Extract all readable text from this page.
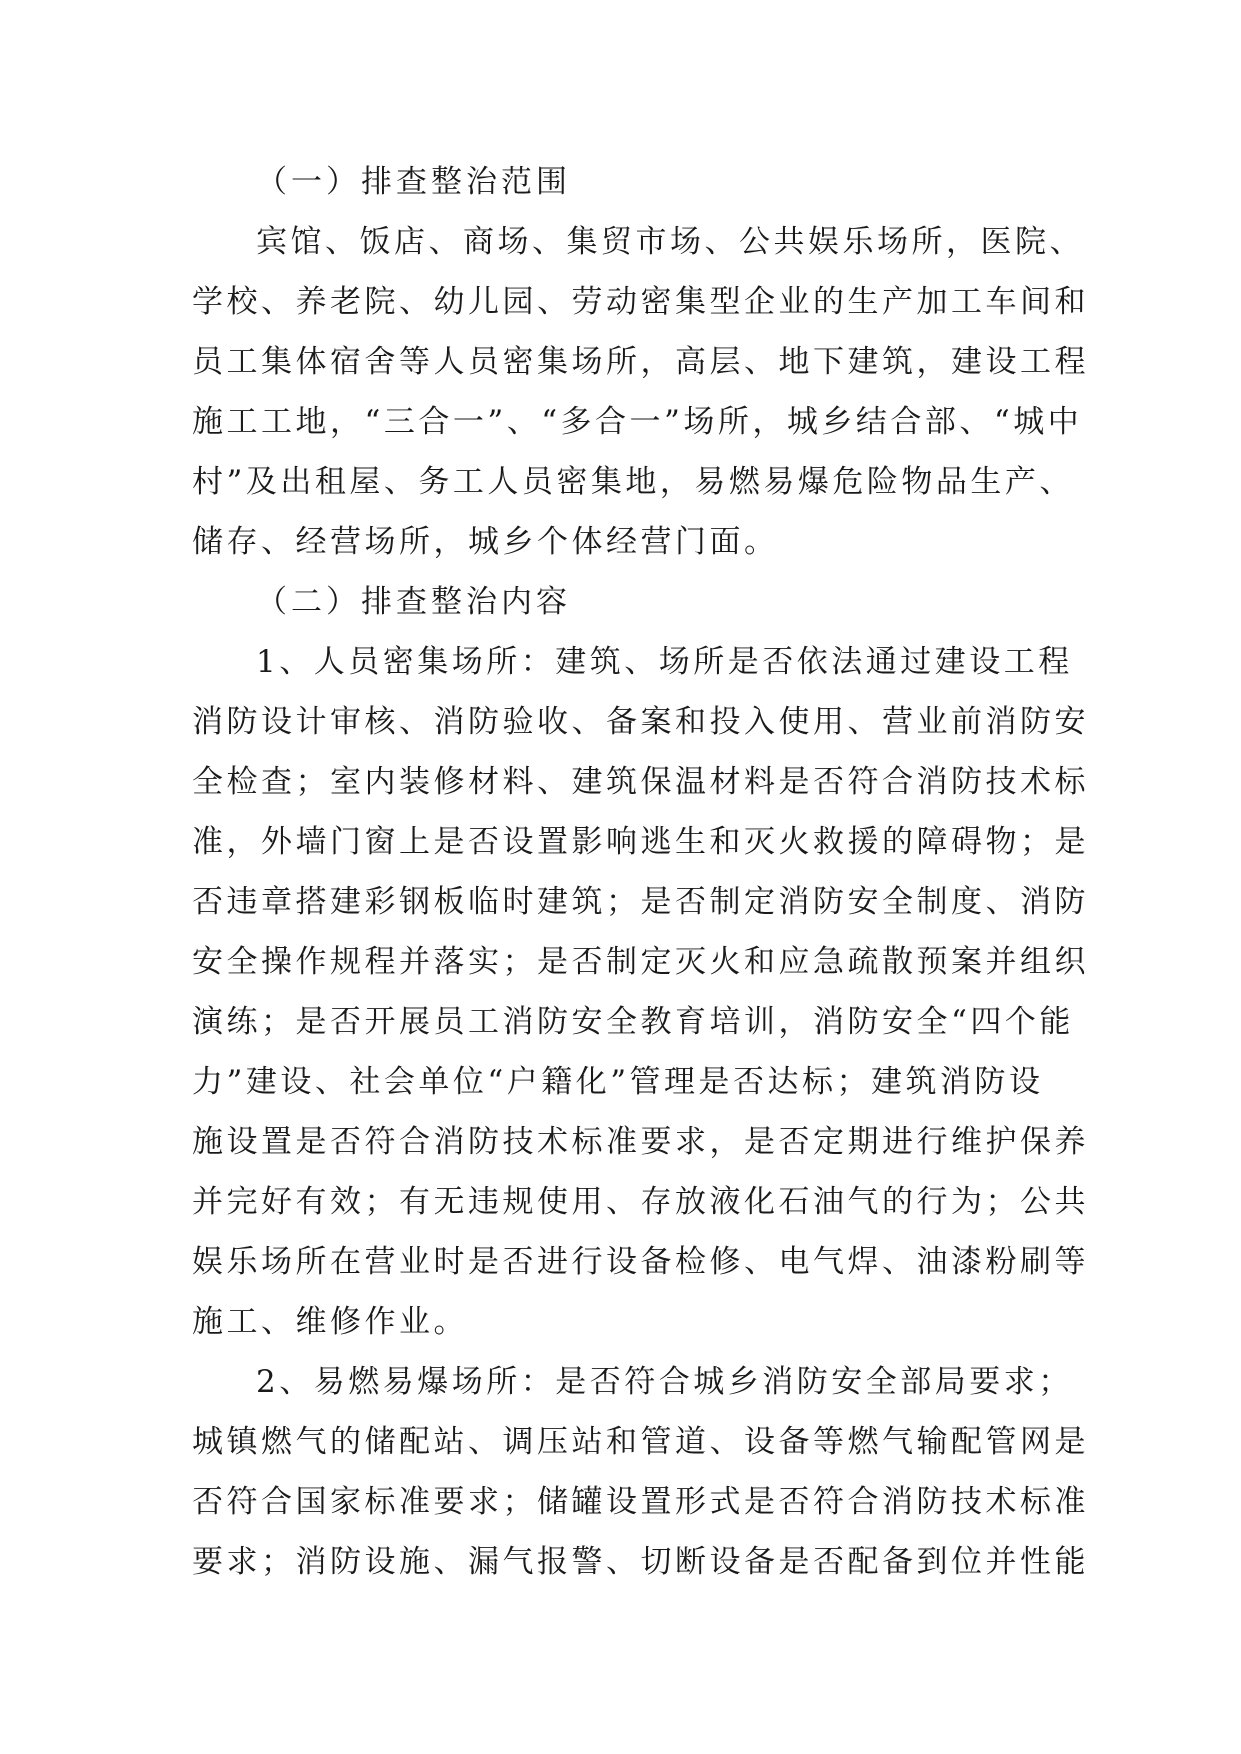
（一）排查整治范围
宾馆、饭店、商场、集贸市场、公共娱乐场所，医院、
学校、养老院、幼儿园、劳动密集型企业的生产加工车间和
员工集体宿舍等人员密集场所，高层、地下建筑，建设工程
施工工地，“三合一”、“多合一”场所，城乡结合部、“城中
村”及出租屋、务工人员密集地，易燃易爆危险物品生产、
储存、经营场所，城乡个体经营门面。
（二）排查整治内容
1、人员密集场所：建筑、场所是否依法通过建设工程
消防设计审核、消防验收、备案和投入使用、营业前消防安
全检查；室内装修材料、建筑保温材料是否符合消防技术标
准，外墙门窗上是否设置影响逃生和灭火救援的障碍物；是
否违章搭建彩钢板临时建筑；是否制定消防安全制度、消防
安全操作规程并落实；是否制定灭火和应急疏散预案并组织
演练；是否开展员工消防安全教育培训，消防安全“四个能
力”建设、社会单位“户籍化”管理是否达标；建筑消防设
施设置是否符合消防技术标准要求，是否定期进行维护保养
并完好有效；有无违规使用、存放液化石油气的行为；公共
娱乐场所在营业时是否进行设备检修、电气焊、油漆粉刷等
施工、维修作业。
2、易燃易爆场所：是否符合城乡消防安全部局要求；
城镇燃气的储配站、调压站和管道、设备等燃气输配管网是
否符合国家标准要求；储罐设置形式是否符合消防技术标准
要求；消防设施、漏气报警、切断设备是否配备到位并性能
